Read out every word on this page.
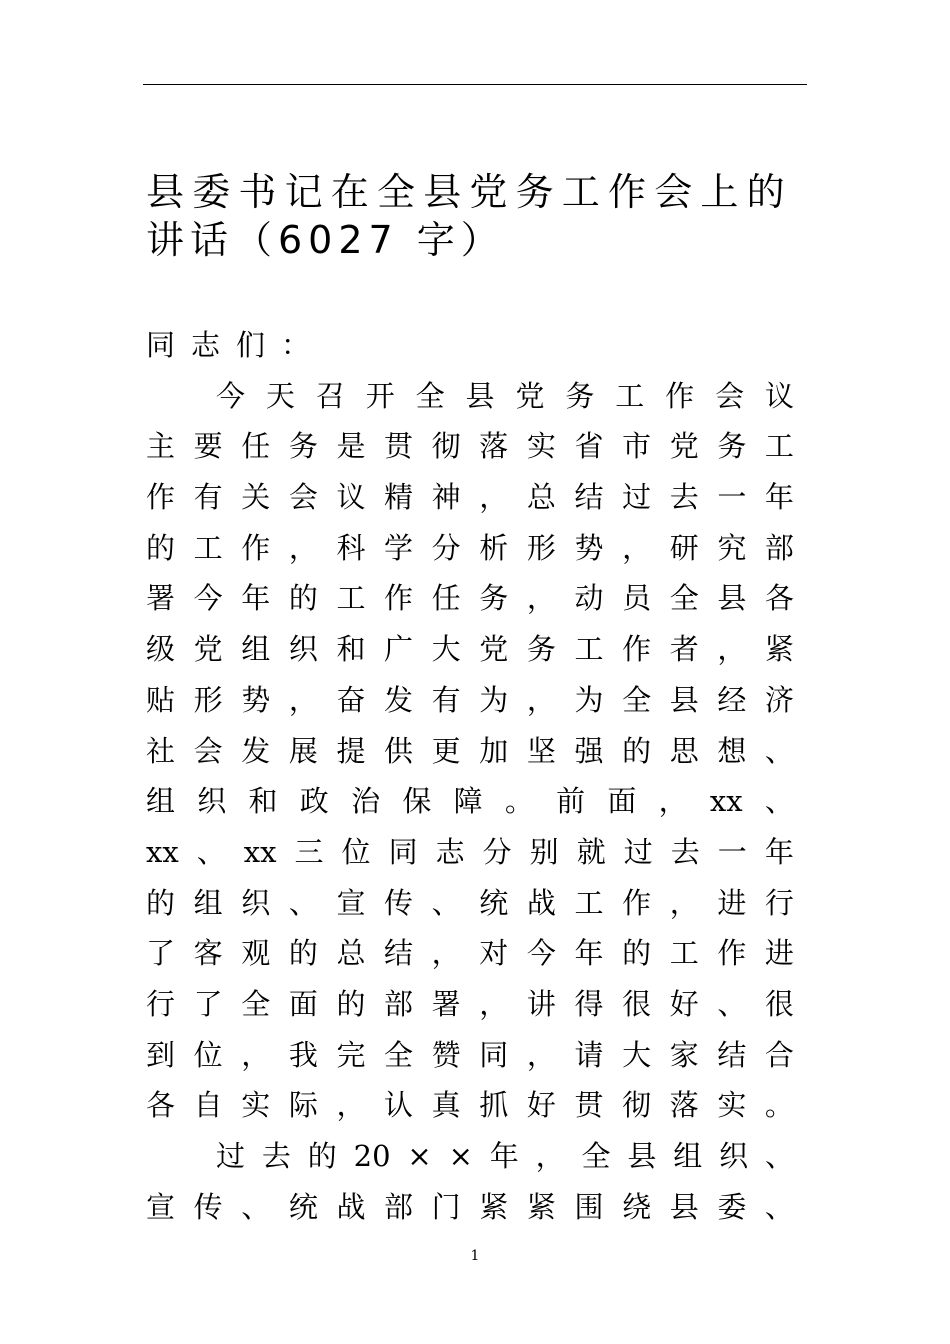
县委书记在全县党务工作会上的
讲话（6027 字）
同 志 们 ：
今 天 召 开 全 县 党 务 工 作 会 议
主 要 任 务 是 贯 彻 落 实 省 市 党 务 工
作 有 关 会 议 精 神 ， 总 结 过 去 一 年
的 工 作 ， 科 学 分 析 形 势 ， 研 究 部
署 今 年 的 工 作 任 务 ， 动 员 全 县 各
级 党 组 织 和 广 大 党 务 工 作 者 ， 紧
贴 形 势 ， 奋 发 有 为 ， 为 全 县 经 济
社 会 发 展 提 供 更 加 坚 强 的 思 想 、
组 织 和 政 治 保 障 。 前 面 ， xx 、
xx 、 xx 三 位 同 志 分 别 就 过 去 一 年
的 组 织 、 宣 传 、 统 战 工 作 ， 进 行
了 客 观 的 总 结 ， 对 今 年 的 工 作 进
行 了 全 面 的 部 署 ， 讲 得 很 好 、 很
到 位 ， 我 完 全 赞 同 ， 请 大 家 结 合
各 自 实 际 ， 认 真 抓 好 贯 彻 落 实 。
过 去 的 20 × × 年 ， 全 县 组 织 、
宣 传 、 统 战 部 门 紧 紧 围 绕 县 委 、
1
